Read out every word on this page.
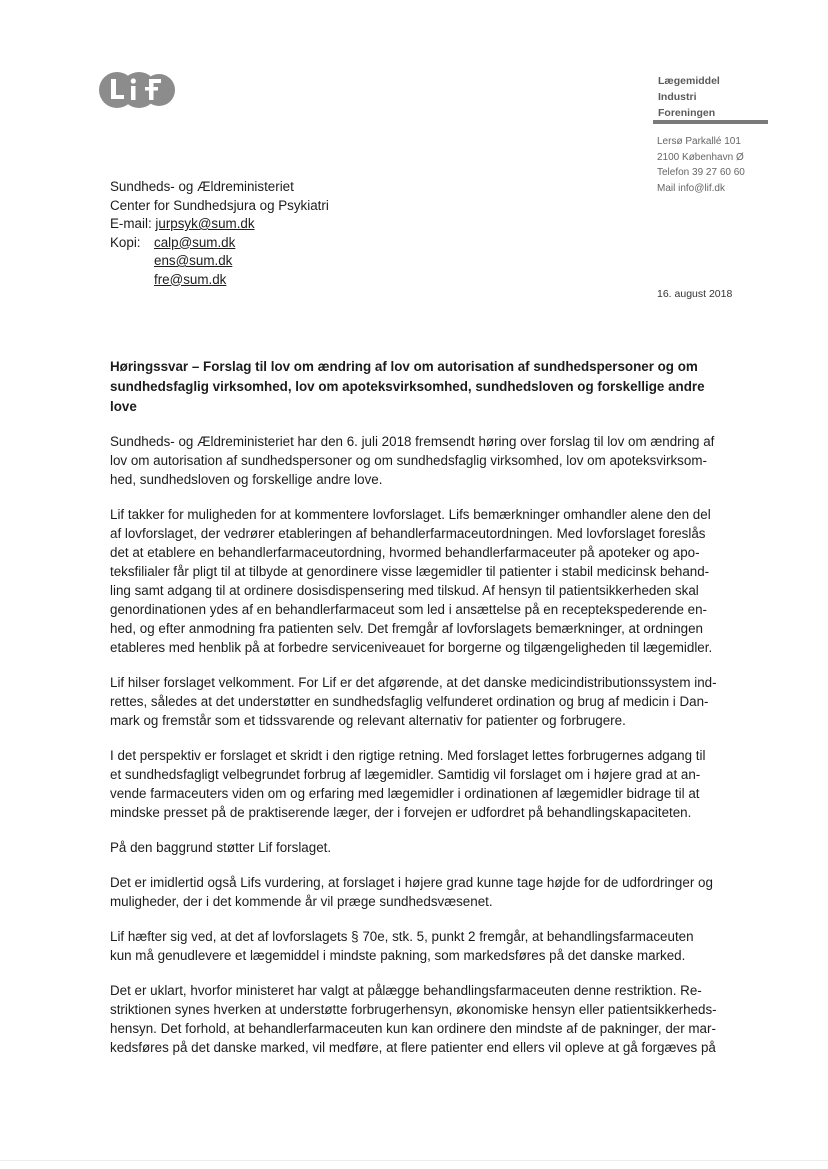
Lægemiddel
Industri
Foreningen
Lersø Parkallé 101
2100 København Ø
Telefon 39 27 60 60
Mail info@lif.dk
Sundheds- og Ældreministeriet
Center for Sundhedsjura og Psykiatri
E-mail: jurpsyk@sum.dk
Kopi: calp@sum.dk
ens@sum.dk
fre@sum.dk
16. august 2018
Høringssvar – Forslag til lov om ændring af lov om autorisation af sundhedspersoner og om
sundhedsfaglig virksomhed, lov om apoteksvirksomhed, sundhedsloven og forskellige andre
love

Sundheds- og Ældreministeriet har den 6. juli 2018 fremsendt høring over forslag til lov om ændring af
lov om autorisation af sundhedspersoner og om sundhedsfaglig virksomhed, lov om apoteksvirksom-
hed, sundhedsloven og forskellige andre love.

Lif takker for muligheden for at kommentere lovforslaget. Lifs bemærkninger omhandler alene den del
af lovforslaget, der vedrører etableringen af behandlerfarmaceutordningen. Med lovforslaget foreslås
det at etablere en behandlerfarmaceutordning, hvormed behandlerfarmaceuter på apoteker og apo-
teksfilialer får pligt til at tilbyde at genordinere visse lægemidler til patienter i stabil medicinsk behand-
ling samt adgang til at ordinere dosisdispensering med tilskud. Af hensyn til patientsikkerheden skal
genordinationen ydes af en behandlerfarmaceut som led i ansættelse på en receptekspederende en-
hed, og efter anmodning fra patienten selv. Det fremgår af lovforslagets bemærkninger, at ordningen
etableres med henblik på at forbedre serviceniveauet for borgerne og tilgængeligheden til lægemidler.

Lif hilser forslaget velkomment. For Lif er det afgørende, at det danske medicindistributionssystem ind-
rettes, således at det understøtter en sundhedsfaglig velfunderet ordination og brug af medicin i Dan-
mark og fremstår som et tidssvarende og relevant alternativ for patienter og forbrugere.

I det perspektiv er forslaget et skridt i den rigtige retning. Med forslaget lettes forbrugernes adgang til
et sundhedsfagligt velbegrundet forbrug af lægemidler. Samtidig vil forslaget om i højere grad at an-
vende farmaceuters viden om og erfaring med lægemidler i ordinationen af lægemidler bidrage til at
mindske presset på de praktiserende læger, der i forvejen er udfordret på behandlingskapaciteten.

På den baggrund støtter Lif forslaget.

Det er imidlertid også Lifs vurdering, at forslaget i højere grad kunne tage højde for de udfordringer og
muligheder, der i det kommende år vil præge sundhedsvæsenet.

Lif hæfter sig ved, at det af lovforslagets § 70e, stk. 5, punkt 2 fremgår, at behandlingsfarmaceuten
kun må genudlevere et lægemiddel i mindste pakning, som markedsføres på det danske marked.

Det er uklart, hvorfor ministeret har valgt at pålægge behandlingsfarmaceuten denne restriktion. Re-
striktionen synes hverken at understøtte forbrugerhensyn, økonomiske hensyn eller patientsikkerheds-
hensyn. Det forhold, at behandlerfarmaceuten kun kan ordinere den mindste af de pakninger, der mar-
kedsføres på det danske marked, vil medføre, at flere patienter end ellers vil opleve at gå forgæves på
